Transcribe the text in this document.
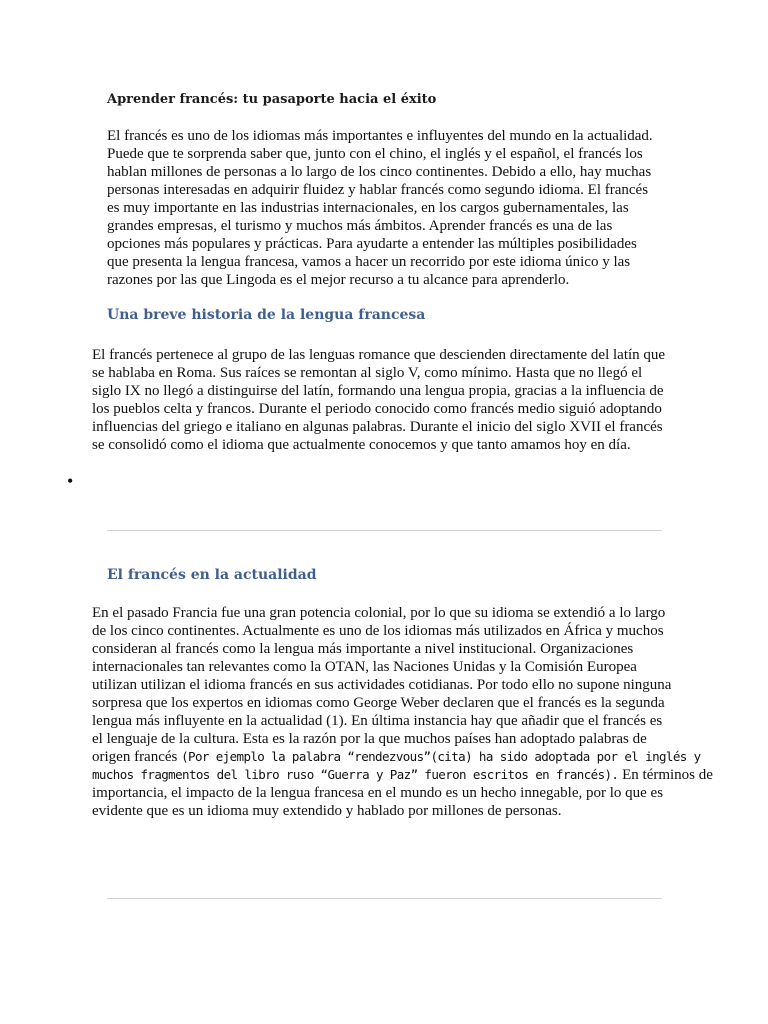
Aprender francés: tu pasaporte hacia el éxito
El francés es uno de los idiomas más importantes e influyentes del mundo en la actualidad.
Puede que te sorprenda saber que, junto con el chino, el inglés y el español, el francés los
hablan millones de personas a lo largo de los cinco continentes. Debido a ello, hay muchas
personas interesadas en adquirir fluidez y hablar francés como segundo idioma. El francés
es muy importante en las industrias internacionales, en los cargos gubernamentales, las
grandes empresas, el turismo y muchos más ámbitos. Aprender francés es una de las
opciones más populares y prácticas. Para ayudarte a entender las múltiples posibilidades
que presenta la lengua francesa, vamos a hacer un recorrido por este idioma único y las
razones por las que Lingoda es el mejor recurso a tu alcance para aprenderlo.
Una breve historia de la lengua francesa
El francés pertenece al grupo de las lenguas romance que descienden directamente del latín que
se hablaba en Roma. Sus raíces se remontan al siglo V, como mínimo. Hasta que no llegó el
siglo IX no llegó a distinguirse del latín, formando una lengua propia, gracias a la influencia de
los pueblos celta y francos. Durante el periodo conocido como francés medio siguió adoptando
influencias del griego e italiano en algunas palabras. Durante el inicio del siglo XVII el francés
se consolidó como el idioma que actualmente conocemos y que tanto amamos hoy en día.
•
El francés en la actualidad
En el pasado Francia fue una gran potencia colonial, por lo que su idioma se extendió a lo largo
de los cinco continentes. Actualmente es uno de los idiomas más utilizados en África y muchos
consideran al francés como la lengua más importante a nivel institucional. Organizaciones
internacionales tan relevantes como la OTAN, las Naciones Unidas y la Comisión Europea
utilizan utilizan el idioma francés en sus actividades cotidianas. Por todo ello no supone ninguna
sorpresa que los expertos en idiomas como George Weber declaren que el francés es la segunda
lengua más influyente en la actualidad (1). En última instancia hay que añadir que el francés es
el lenguaje de la cultura. Esta es la razón por la que muchos países han adoptado palabras de
origen francés (Por ejemplo la palabra “rendezvous”(cita) ha sido adoptada por el inglés y
muchos fragmentos del libro ruso “Guerra y Paz” fueron escritos en francés). En términos de
importancia, el impacto de la lengua francesa en el mundo es un hecho innegable, por lo que es
evidente que es un idioma muy extendido y hablado por millones de personas.
